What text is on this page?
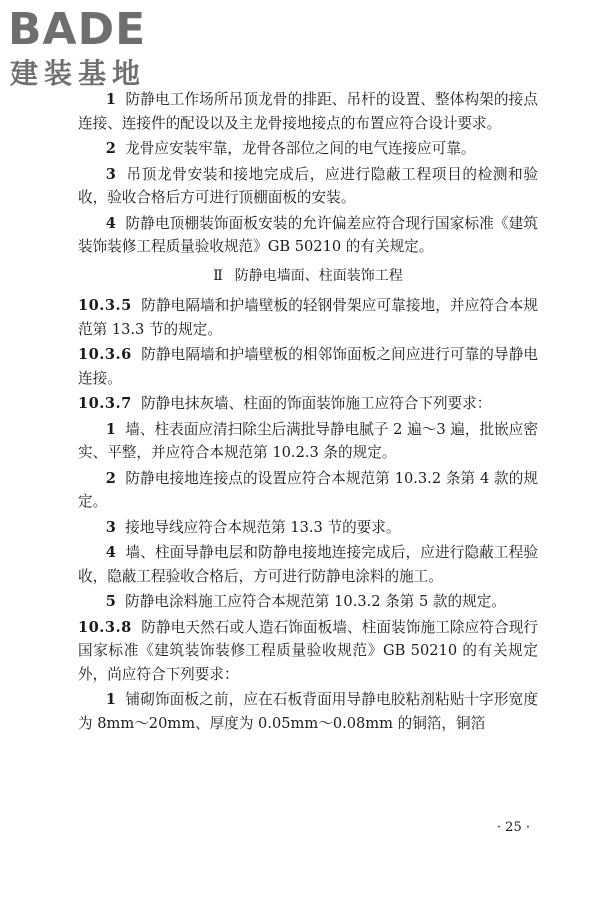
BADE
建装基地

1 防静电工作场所吊顶龙骨的排距、吊杆的设置、整体构架的接点连接、连接件的配设以及主龙骨接地接点的布置应符合设计要求。

2 龙骨应安装牢靠，龙骨各部位之间的电气连接应可靠。

3 吊顶龙骨安装和接地完成后，应进行隐蔽工程项目的检测和验收，验收合格后方可进行顶棚面板的安装。

4 防静电顶棚装饰面板安装的允许偏差应符合现行国家标准《建筑装饰装修工程质量验收规范》GB 50210 的有关规定。

Ⅱ 防静电墙面、柱面装饰工程

10.3.5 防静电隔墙和护墙壁板的轻钢骨架应可靠接地，并应符合本规范第 13.3 节的规定。

10.3.6 防静电隔墙和护墙壁板的相邻饰面板之间应进行可靠的导静电连接。

10.3.7 防静电抹灰墙、柱面的饰面装饰施工应符合下列要求：

1 墙、柱表面应清扫除尘后满批导静电腻子 2 遍～3 遍，批嵌应密实、平整，并应符合本规范第 10.2.3 条的规定。

2 防静电接地连接点的设置应符合本规范第 10.3.2 条第 4 款的规定。

3 接地导线应符合本规范第 13.3 节的要求。

4 墙、柱面导静电层和防静电接地连接完成后，应进行隐蔽工程验收，隐蔽工程验收合格后，方可进行防静电涂料的施工。

5 防静电涂料施工应符合本规范第 10.3.2 条第 5 款的规定。

10.3.8 防静电天然石或人造石饰面板墙、柱面装饰施工除应符合现行国家标准《建筑装饰装修工程质量验收规范》GB 50210 的有关规定外，尚应符合下列要求：

1 铺砌饰面板之前，应在石板背面用导静电胶粘剂粘贴十字形宽度为 8mm～20mm、厚度为 0.05mm～0.08mm 的铜箔，铜箔

· 25 ·
